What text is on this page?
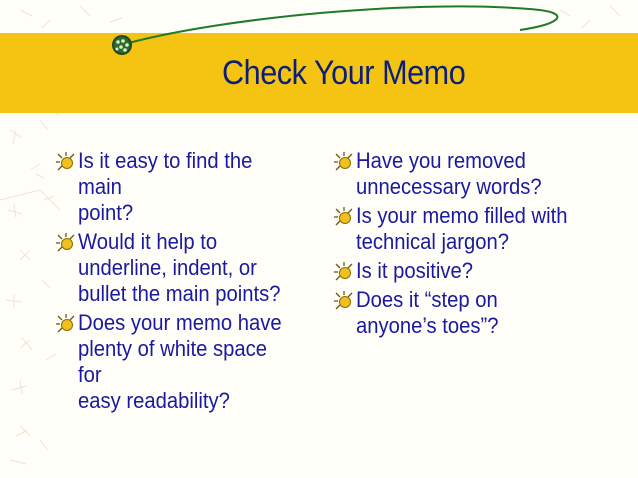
Check Your Memo
Is it easy to find the main
point?
Would it help to
underline, indent, or
bullet the main points?
Does your memo have
plenty of white space for
easy readability?
Have you removed
unnecessary words?
Is your memo filled with
technical jargon?
Is it positive?
Does it “step on
anyone’s toes”?
